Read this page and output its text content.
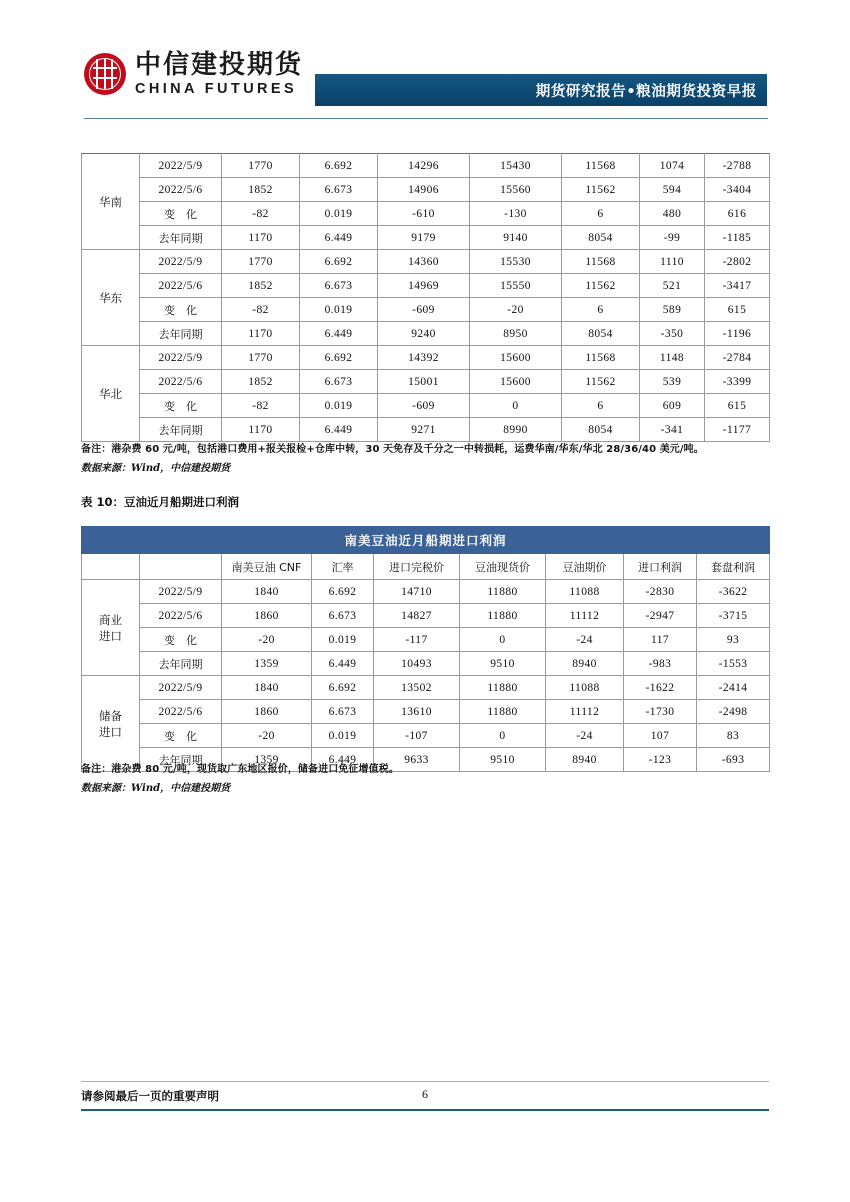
中信建投期货
CHINA FUTURES	期货研究报告•粮油期货投资早报
华南	2022/5/9	1770	6.692	14296	15430	11568	1074	-2788
	2022/5/6	1852	6.673	14906	15560	11562	594	-3404
	变　化	-82	0.019	-610	-130	6	480	616
	去年同期	1170	6.449	9179	9140	8054	-99	-1185
华东	2022/5/9	1770	6.692	14360	15530	11568	1110	-2802
	2022/5/6	1852	6.673	14969	15550	11562	521	-3417
	变　化	-82	0.019	-609	-20	6	589	615
	去年同期	1170	6.449	9240	8950	8054	-350	-1196
华北	2022/5/9	1770	6.692	14392	15600	11568	1148	-2784
	2022/5/6	1852	6.673	15001	15600	11562	539	-3399
	变　化	-82	0.019	-609	0	6	609	615
	去年同期	1170	6.449	9271	8990	8054	-341	-1177
备注：港杂费 60 元/吨，包括港口费用+报关报检+仓库中转，30 天免存及千分之一中转损耗，运费华南/华东/华北 28/36/40 美元/吨。
数据来源：Wind，中信建投期货
表 10：豆油近月船期进口利润
南美豆油近月船期进口利润								
		南美豆油 CNF	汇率	进口完税价	豆油现货价	豆油期价	进口利润	套盘利润

商业
进口	2022/5/9	1840	6.692	14710	11880	11088	-2830	-3622
	2022/5/6	1860	6.673	14827	11880	11112	-2947	-3715
	变　化	-20	0.019	-117	0	-24	117	93
	去年同期	1359	6.449	10493	9510	8940	-983	-1553

储备
进口	2022/5/9	1840	6.692	13502	11880	11088	-1622	-2414
	2022/5/6	1860	6.673	13610	11880	11112	-1730	-2498
	变　化	-20	0.019	-107	0	-24	107	83
	去年同期	1359	6.449	9633	9510	8940	-123	-693
备注：港杂费 80 元/吨，现货取广东地区报价，储备进口免征增值税。
数据来源：Wind，中信建投期货
请参阅最后一页的重要声明	6
